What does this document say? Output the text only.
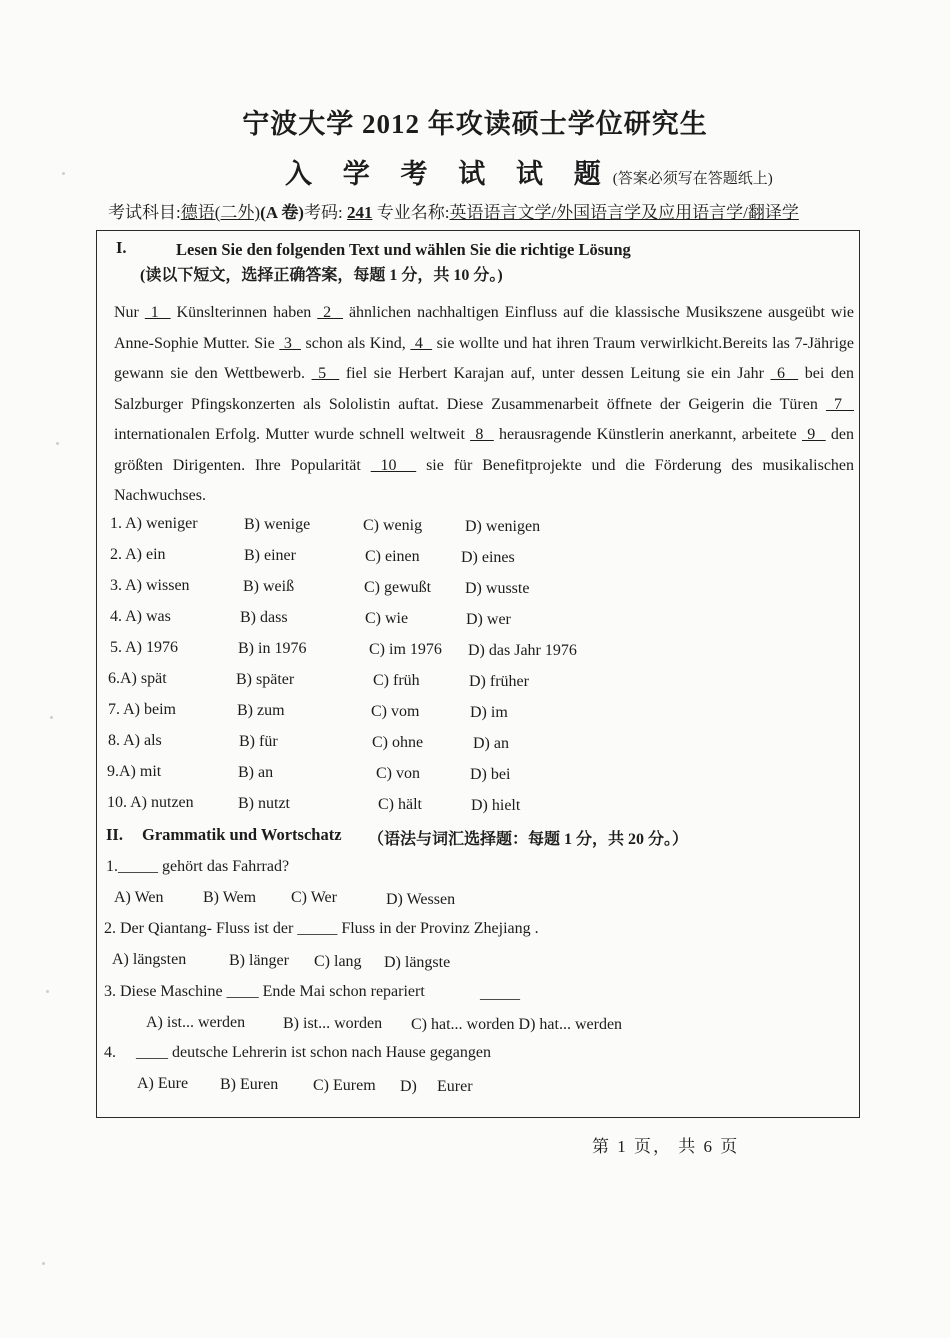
宁波大学 2012 年攻读硕士学位研究生
入 学 考 试 试 题(答案必须写在答题纸上)
考试科目:德语(二外)(A 卷)考码: 241 专业名称:英语语言文学/外国语言学及应用语言学/翻译学
I.	Lesen Sie den folgenden Text und wählen Sie die richtige Lösung
(读以下短文，选择正确答案，每题 1 分，共 10 分。)
Nur  1   Künslterinnen haben  2   ähnlichen nachhaltigen Einfluss auf die klassische Musikszene ausgeübt wie Anne-Sophie Mutter. Sie  3   schon als Kind,  4   sie wollte und hat ihren Traum verwirlkicht.Bereits las 7-Jährige gewann sie den Wettbewerb.  5   fiel sie Herbert Karajan auf, unter dessen Leitung sie ein Jahr  6   bei den Salzburger Pfingskonzerten als Sololistin auftat. Diese Zusammenarbeit öffnete der Geigerin die Türen  7   internationalen Erfolg. Mutter wurde schnell weltweit  8   herausragende Künstlerin anerkannt, arbeitete  9   den größten Dirigenten. Ihre Popularität  10   sie für Benefitprojekte und die Förderung des musikalischen Nachwuchses.
1. A) weniger	B) wenige	C) wenig	D) wenigen
2. A) ein	B) einer	C) einen	D) eines
3. A) wissen	B) weiß	C) gewußt D) wusste
4. A) was	B) dass	C) wie	D) wer
5. A) 1976	B) in 1976	C) im 1976 D) das Jahr 1976
6.A) spät	B) später	C) früh	D) früher
7. A) beim	B) zum	C) vom	D) im
8. A) als	B) für	C) ohne	D) an
9.A) mit	B) an	C) von	D) bei
10. A) nutzen	B) nutzt	C) hält	D) hielt
II. Grammatik und Wortschatz （语法与词汇选择题：每题 1 分，共 20 分。）
1._____ gehört das Fahrrad?
A) Wen B) Wem C) Wer	D) Wessen
2. Der Qiantang- Fluss ist der _____ Fluss in der Provinz Zhejiang .
A) längsten	B) länger C) lang D) längste
3. Diese Maschine ____ Ende Mai schon repariert	_____
A) ist... werden B) ist... worden C) hat... worden D) hat... werden
4. ____ deutsche Lehrerin ist schon nach Hause gegangen
A) Eure B) Euren C) Eurem D) Eurer
第 1 页， 共 6 页
